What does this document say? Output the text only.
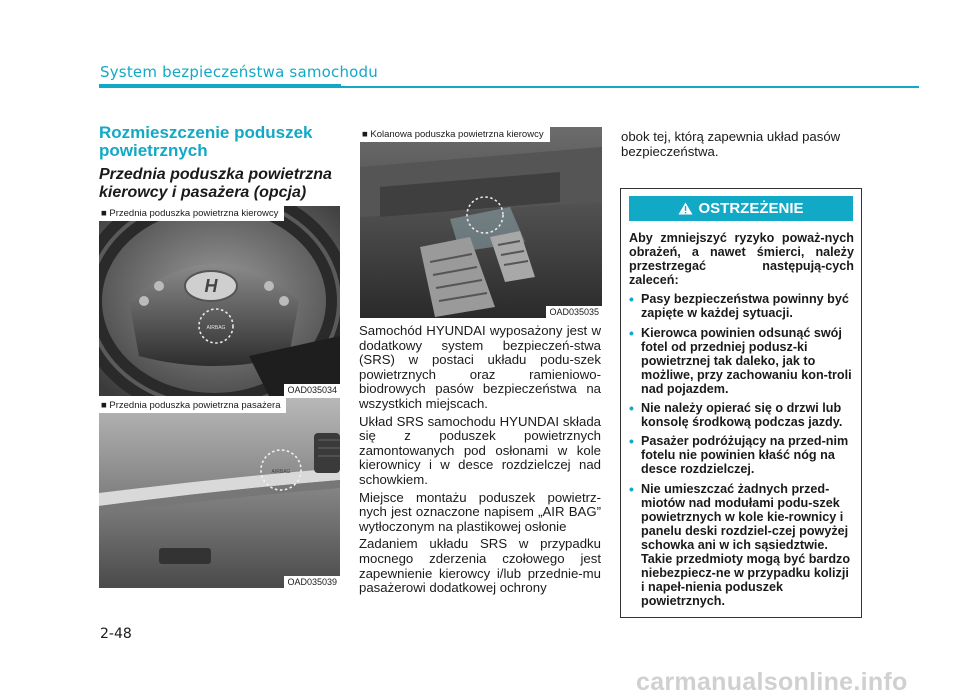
System bezpieczeństwa samochodu
Rozmieszczenie poduszek powietrznych
Przednia poduszka powietrzna kierowcy i pasażera (opcja)
H
AIRBAG
■ Przednia poduszka powietrzna kierowcy
OAD035034
AIRBAG
■ Przednia poduszka powietrzna pasażera
OAD035039
■ Kolanowa poduszka powietrzna kierowcy
OAD035035

Samochód HYUNDAI wyposażony jest w dodatkowy system bezpieczeń-stwa (SRS) w postaci układu podu-szek powietrznych oraz ramieniowo-biodrowych pasów bezpieczeństwa na wszystkich miejscach.

Układ SRS samochodu HYUNDAI składa się z poduszek powietrznych zamontowanych pod osłonami w kole kierownicy i w desce rozdzielczej nad schowkiem.

Miejsce montażu poduszek powietrz-nych jest oznaczone napisem „AIR BAG” wytłoczonym na plastikowej osłonie

Zadaniem układu SRS w przypadku mocnego zderzenia czołowego jest zapewnienie kierowcy i/lub przednie-mu pasażerowi dodatkowej ochrony

obok tej, którą zapewnia układ pasów bezpieczeństwa.

OSTRZEŻENIE

Aby zmniejszyć ryzyko poważ-nych obrażeń, a nawet śmierci, należy przestrzegać następują-cych zaleceń:

• Pasy bezpieczeństwa powinny być zapięte w każdej sytuacji.
• Kierowca powinien odsunąć swój fotel od przedniej podusz-ki powietrznej tak daleko, jak to możliwe, przy zachowaniu kon-troli nad pojazdem.
• Nie należy opierać się o drzwi lub konsolę środkową podczas jazdy.
• Pasażer podróżujący na przed-nim fotelu nie powinien kłaść nóg na desce rozdzielczej.
• Nie umieszczać żadnych przed-miotów nad modułami podu-szek powietrznych w kole kie-rownicy i panelu deski rozdziel-czej powyżej schowka ani w ich sąsiedztwie. Takie przedmioty mogą być bardzo niebezpiecz-ne w przypadku kolizji i napeł-nienia poduszek powietrznych.
2-48
carmanualsonline.info
